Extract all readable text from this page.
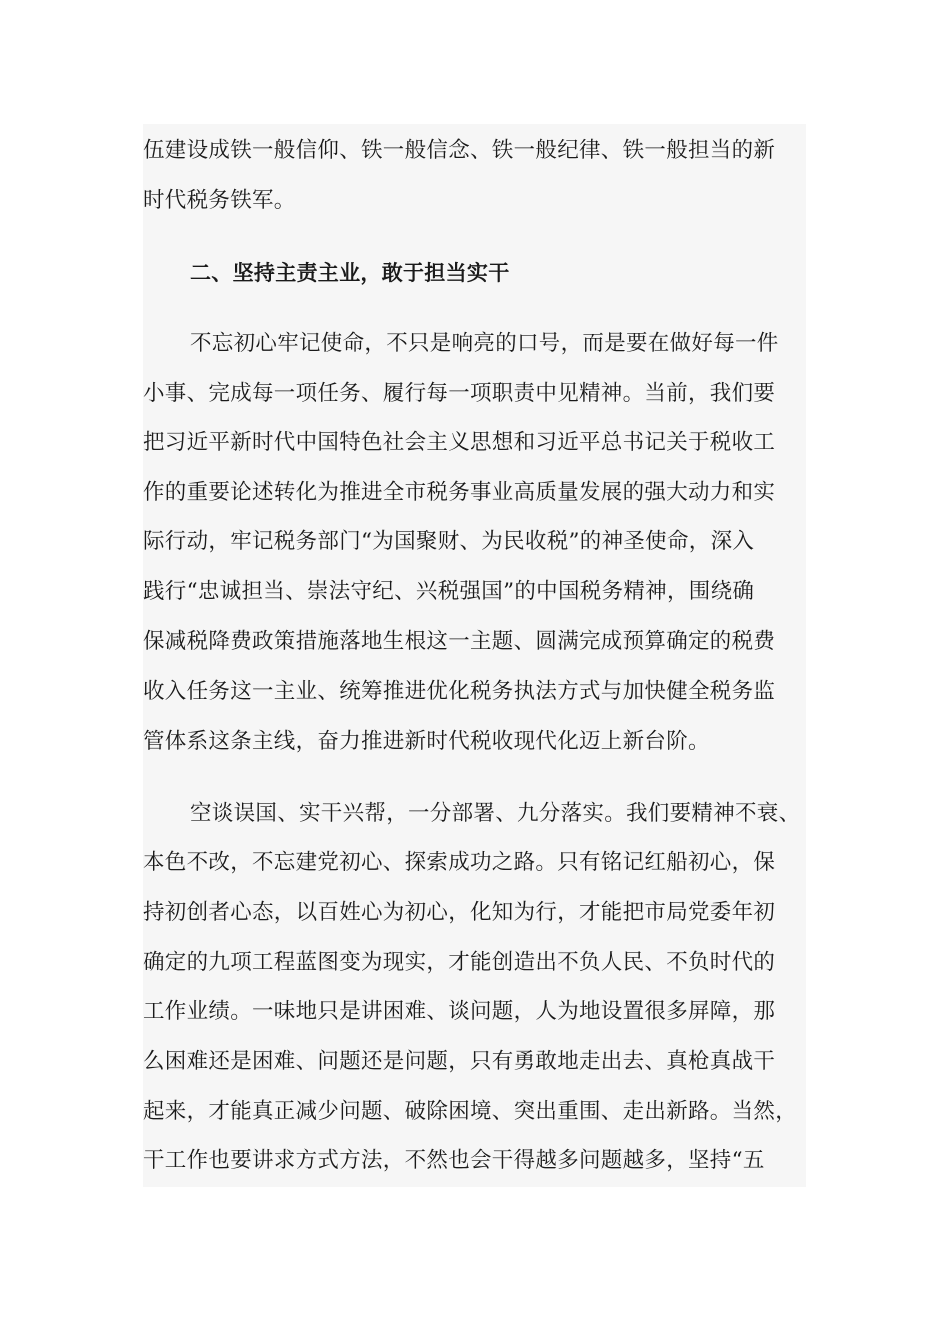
伍建设成铁一般信仰、铁一般信念、铁一般纪律、铁一般担当的新
时代税务铁军。
二、坚持主责主业，敢于担当实干
不忘初心牢记使命，不只是响亮的口号，而是要在做好每一件
小事、完成每一项任务、履行每一项职责中见精神。当前，我们要
把习近平新时代中国特色社会主义思想和习近平总书记关于税收工
作的重要论述转化为推进全市税务事业高质量发展的强大动力和实
际行动，牢记税务部门“为国聚财、为民收税”的神圣使命，深入
践行“忠诚担当、崇法守纪、兴税强国”的中国税务精神，围绕确
保减税降费政策措施落地生根这一主题、圆满完成预算确定的税费
收入任务这一主业、统筹推进优化税务执法方式与加快健全税务监
管体系这条主线，奋力推进新时代税收现代化迈上新台阶。
空谈误国、实干兴帮，一分部署、九分落实。我们要精神不衰、
本色不改，不忘建党初心、探索成功之路。只有铭记红船初心，保
持初创者心态，以百姓心为初心，化知为行，才能把市局党委年初
确定的九项工程蓝图变为现实，才能创造出不负人民、不负时代的
工作业绩。一味地只是讲困难、谈问题，人为地设置很多屏障，那
么困难还是困难、问题还是问题，只有勇敢地走出去、真枪真战干
起来，才能真正减少问题、破除困境、突出重围、走出新路。当然，
干工作也要讲求方式方法，不然也会干得越多问题越多，坚持“五
